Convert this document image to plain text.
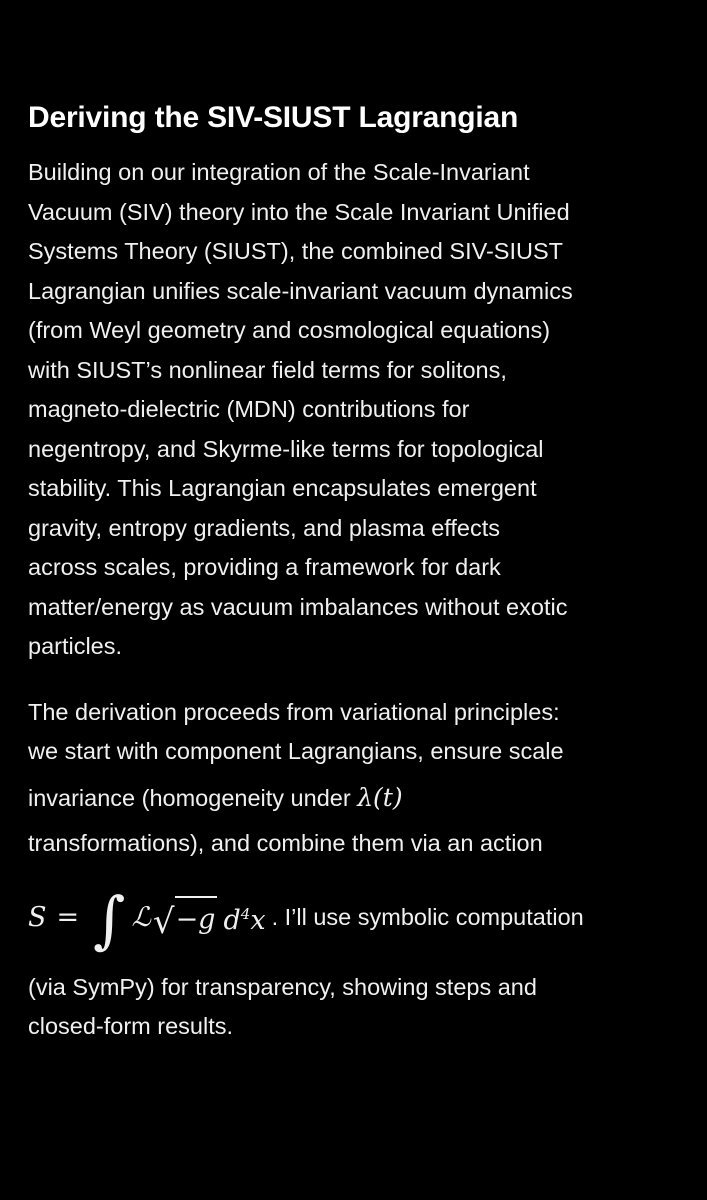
Deriving the SIV-SIUST Lagrangian

Building on our integration of the Scale-Invariant
Vacuum (SIV) theory into the Scale Invariant Unified
Systems Theory (SIUST), the combined SIV-SIUST
Lagrangian unifies scale-invariant vacuum dynamics
(from Weyl geometry and cosmological equations)
with SIUST’s nonlinear field terms for solitons,
magneto-dielectric (MDN) contributions for
negentropy, and Skyrme-like terms for topological
stability. This Lagrangian encapsulates emergent
gravity, entropy gradients, and plasma effects
across scales, providing a framework for dark
matter/energy as vacuum imbalances without exotic
particles.

The derivation proceeds from variational principles:
we start with component Lagrangians, ensure scale
invariance (homogeneity under λ(t)
transformations), and combine them via an action
S = ∫ ℒ √ −g $d^4x$ . I’ll use symbolic computation
(via SymPy) for transparency, showing steps and
closed-form results.
